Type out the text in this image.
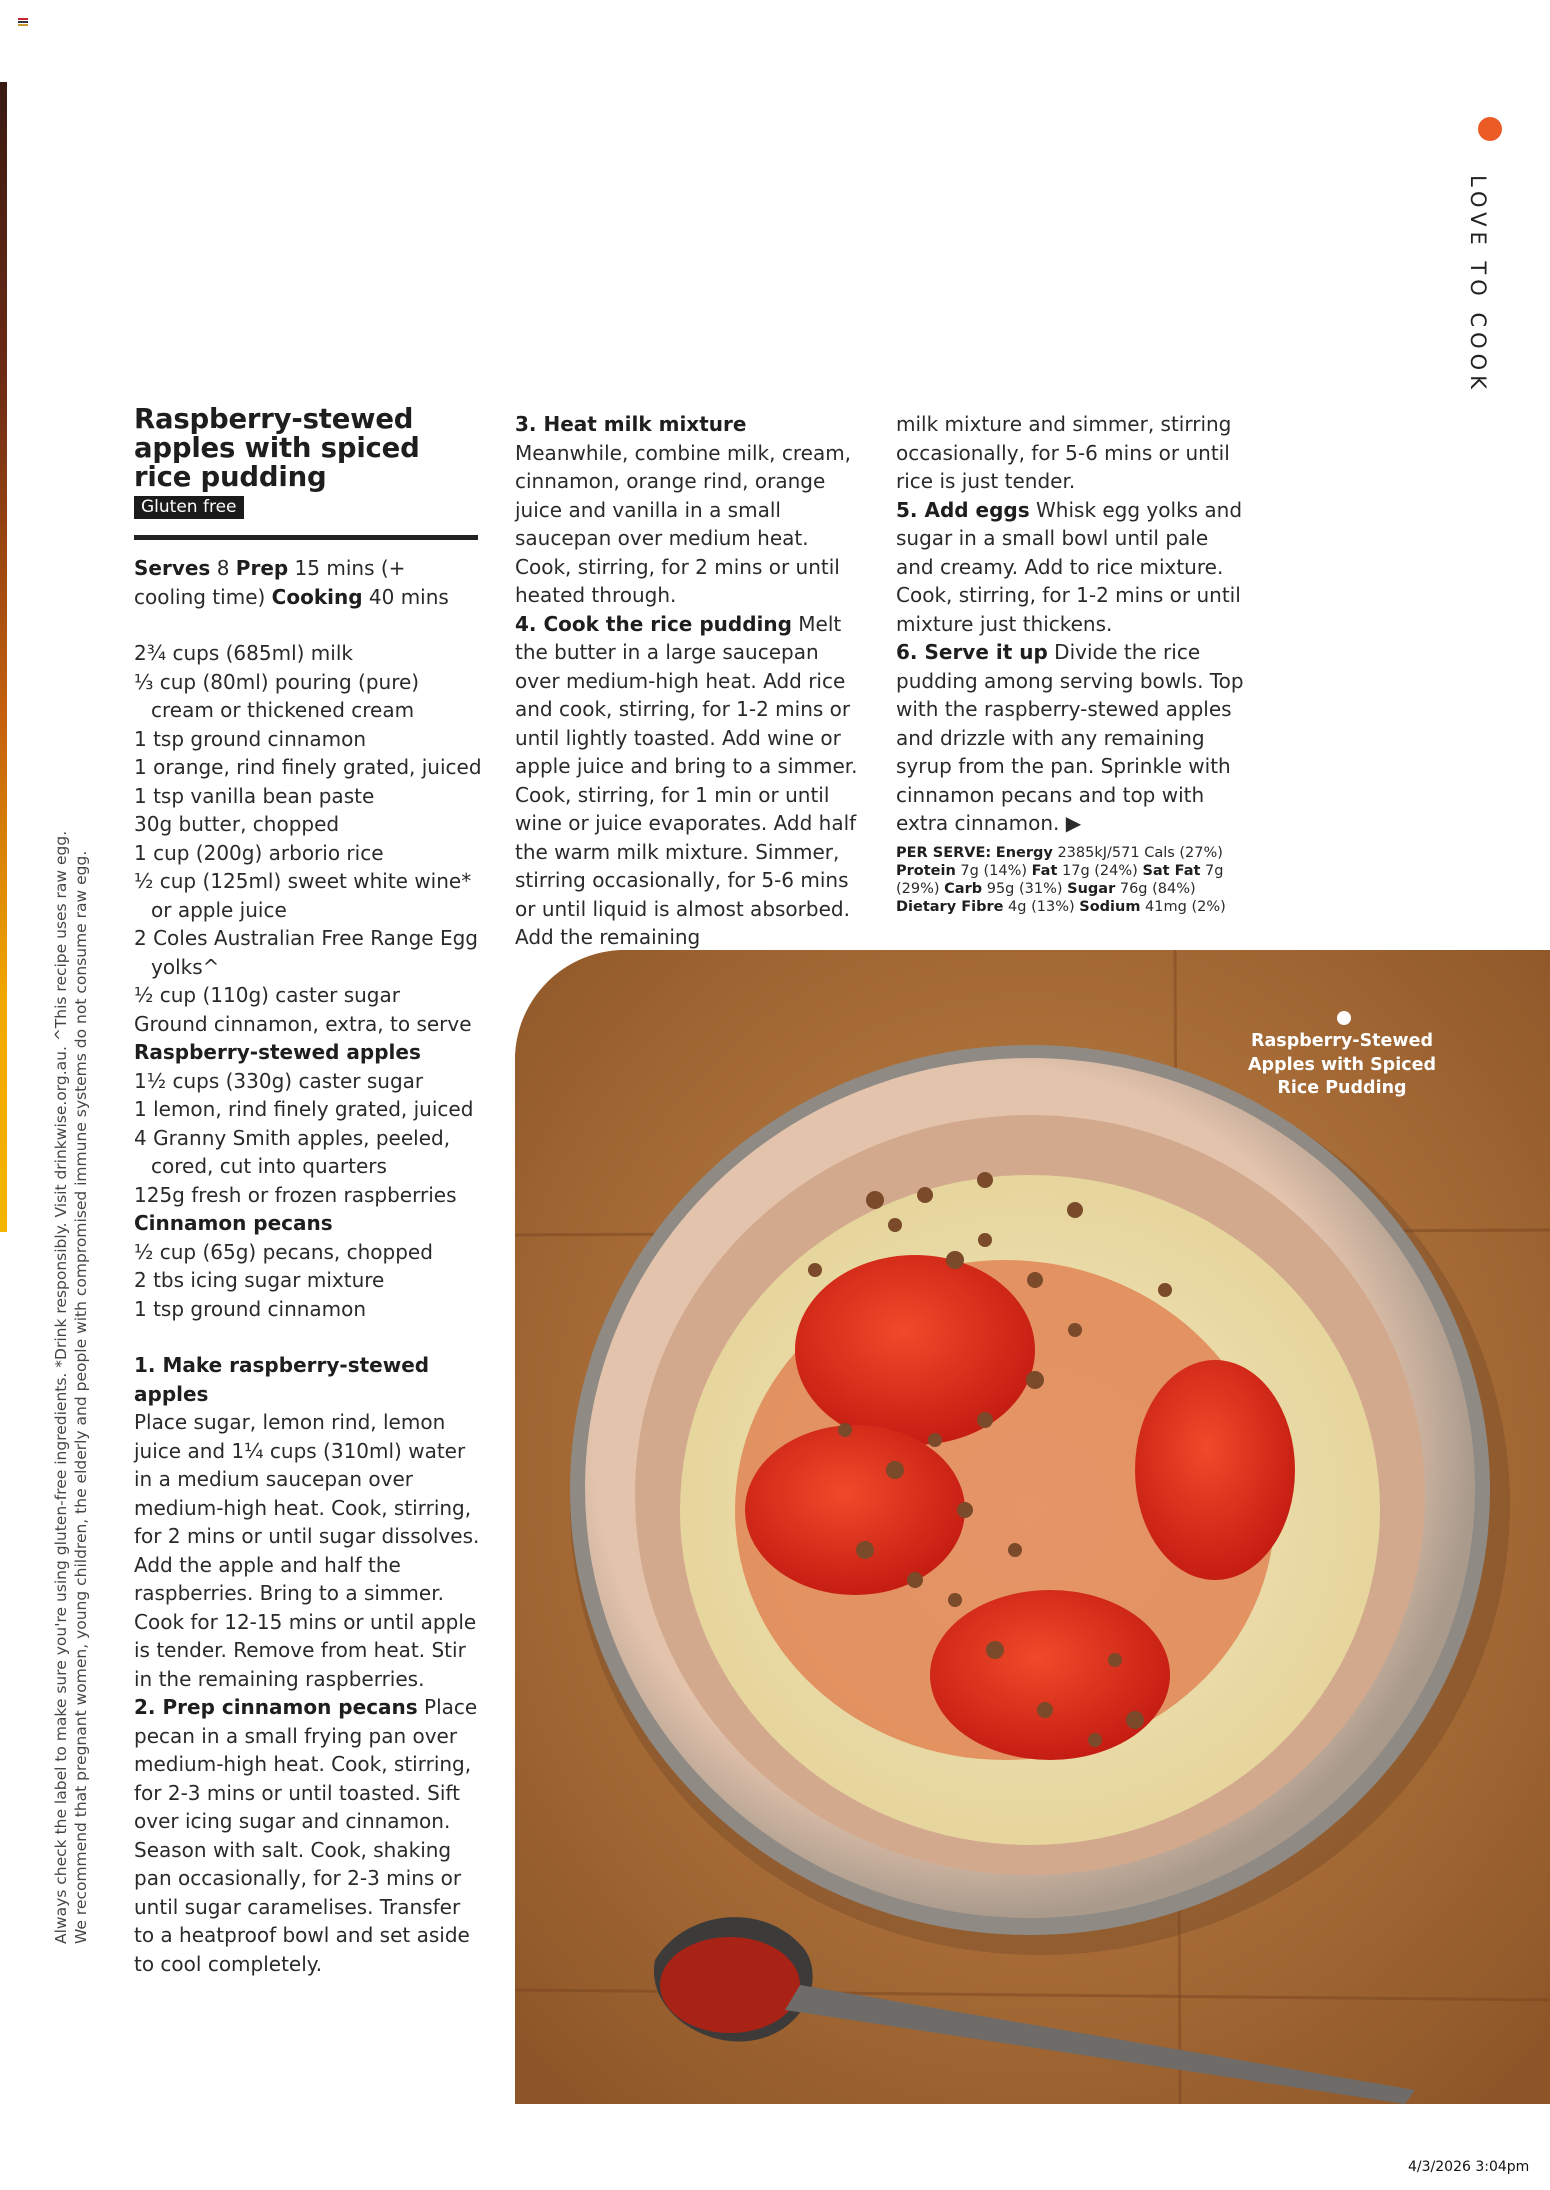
LOVE TO COOK
Always check the label to make sure you're using gluten-free ingredients. *Drink responsibly. Visit drinkwise.org.au. ^This recipe uses raw egg. We recommend that pregnant women, young children, the elderly and people with compromised immune systems do not consume raw egg.
Raspberry-stewed apples with spiced rice pudding
Gluten free
Serves 8 Prep 15 mins (+ cooling time) Cooking 40 mins
2¾ cups (685ml) milk
⅓ cup (80ml) pouring (pure) cream or thickened cream
1 tsp ground cinnamon
1 orange, rind finely grated, juiced
1 tsp vanilla bean paste
30g butter, chopped
1 cup (200g) arborio rice
½ cup (125ml) sweet white wine* or apple juice
2 Coles Australian Free Range Egg yolks^
½ cup (110g) caster sugar
Ground cinnamon, extra, to serve
Raspberry-stewed apples
1½ cups (330g) caster sugar
1 lemon, rind finely grated, juiced
4 Granny Smith apples, peeled, cored, cut into quarters
125g fresh or frozen raspberries
Cinnamon pecans
½ cup (65g) pecans, chopped
2 tbs icing sugar mixture
1 tsp ground cinnamon
1. Make raspberry-stewed apples
Place sugar, lemon rind, lemon juice and 1¼ cups (310ml) water in a medium saucepan over medium-high heat. Cook, stirring, for 2 mins or until sugar dissolves. Add the apple and half the raspberries. Bring to a simmer. Cook for 12-15 mins or until apple is tender. Remove from heat. Stir in the remaining raspberries.
2. Prep cinnamon pecans Place pecan in a small frying pan over medium-high heat. Cook, stirring, for 2-3 mins or until toasted. Sift over icing sugar and cinnamon. Season with salt. Cook, shaking pan occasionally, for 2-3 mins or until sugar caramelises. Transfer to a heatproof bowl and set aside to cool completely.
3. Heat milk mixture Meanwhile, combine milk, cream, cinnamon, orange rind, orange juice and vanilla in a small saucepan over medium heat. Cook, stirring, for 2 mins or until heated through.
4. Cook the rice pudding Melt the butter in a large saucepan over medium-high heat. Add rice and cook, stirring, for 1-2 mins or until lightly toasted. Add wine or apple juice and bring to a simmer. Cook, stirring, for 1 min or until wine or juice evaporates. Add half the warm milk mixture. Simmer, stirring occasionally, for 5-6 mins or until liquid is almost absorbed. Add the remaining
milk mixture and simmer, stirring occasionally, for 5-6 mins or until rice is just tender.
5. Add eggs Whisk egg yolks and sugar in a small bowl until pale and creamy. Add to rice mixture. Cook, stirring, for 1-2 mins or until mixture just thickens.
6. Serve it up Divide the rice pudding among serving bowls. Top with the raspberry-stewed apples and drizzle with any remaining syrup from the pan. Sprinkle with cinnamon pecans and top with extra cinnamon. ▶
PER SERVE: Energy 2385kJ/571 Cals (27%) Protein 7g (14%) Fat 17g (24%) Sat Fat 7g (29%) Carb 95g (31%) Sugar 76g (84%) Dietary Fibre 4g (13%) Sodium 41mg (2%)
Raspberry-Stewed Apples with Spiced Rice Pudding
4/3/2026 3:04pm
